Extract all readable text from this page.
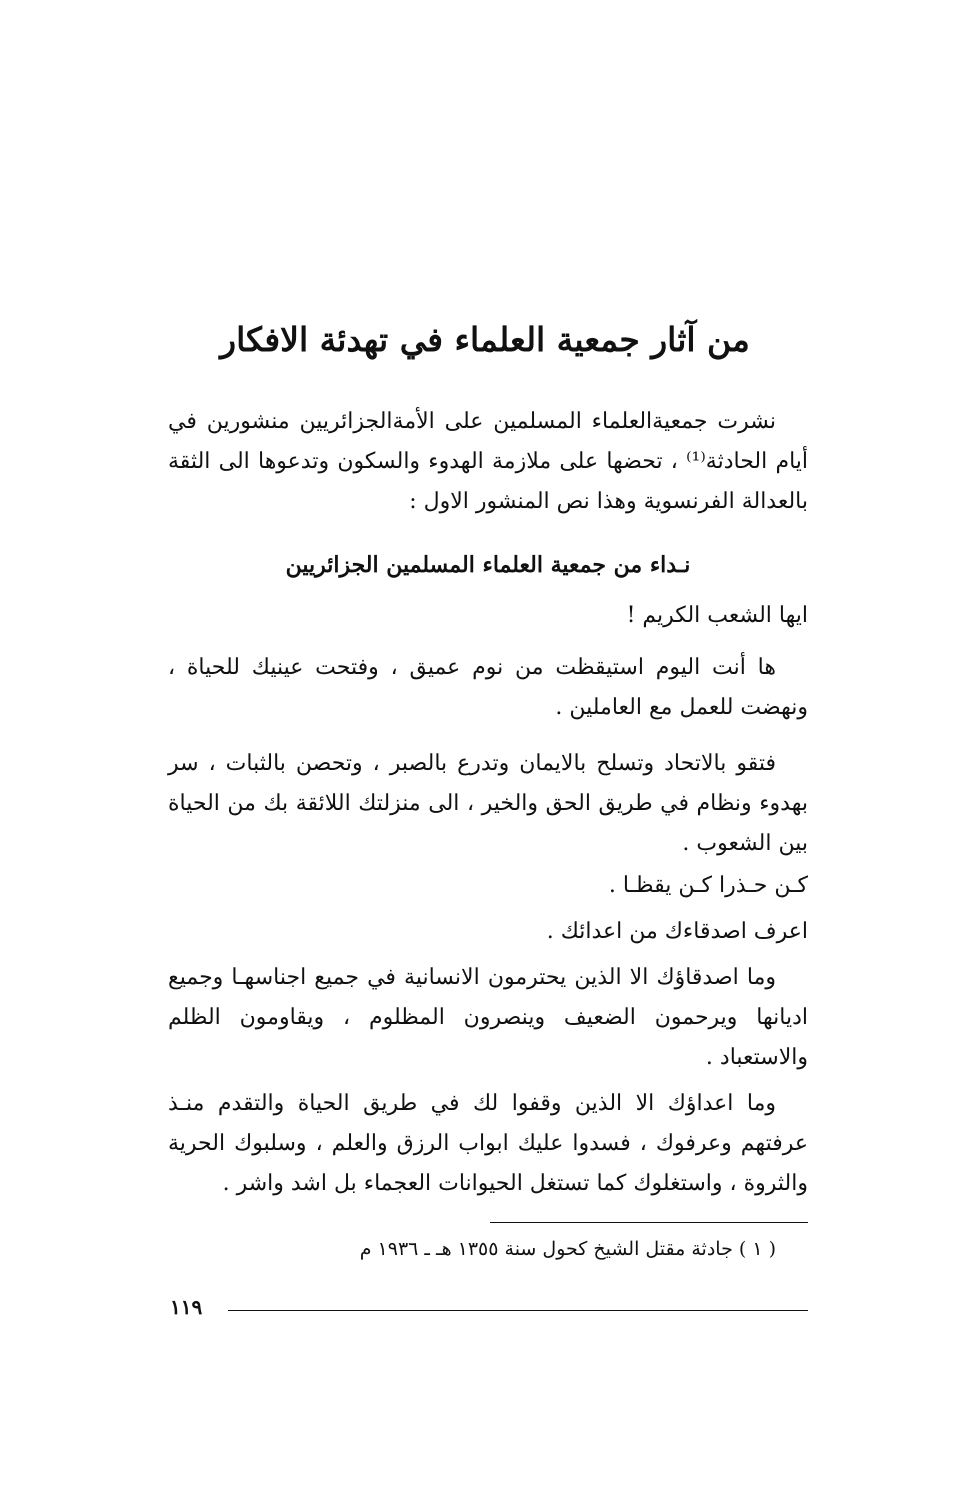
من آثار جمعية العلماء في تهدئة الافكار

نشرت جمعيةالعلماء المسلمين على الأمةالجزائريين منشورين في أيام الحادثة⁽¹⁾ ، تحضها على ملازمة الهدوء والسكون وتدعوها الى الثقة بالعدالة الفرنسوية وهذا نص المنشور الاول :

نـداء من جمعية العلماء المسلمين الجزائريين
ايها الشعب الكريم !

ها أنت اليوم استيقظت من نوم عميق ، وفتحت عينيك للحياة ، ونهضت للعمل مع العاملين .

فتقو بالاتحاد وتسلح بالايمان وتدرع بالصبر ، وتحصن بالثبات ، سر بهدوء ونظام في طريق الحق والخير ، الى منزلتك اللائقة بك من الحياة بين الشعوب .

كـن حـذرا كـن يقظـا .
اعرف اصدقاءك من اعدائك .

وما اصدقاؤك الا الذين يحترمون الانسانية في جميع اجناسهـا وجميع اديانها ويرحمون الضعيف وينصرون المظلوم ، ويقاومون الظلم والاستعباد .

وما اعداؤك الا الذين وقفوا لك في طريق الحياة والتقدم منـذ عرفتهم وعرفوك ، فسدوا عليك ابواب الرزق والعلم ، وسلبوك الحرية والثروة ، واستغلوك كما تستغل الحيوانات العجماء بل اشد واشر .

( ١ ) جادثة مقتل الشيخ كحول سنة ١٣٥٥ هـ ـ ١٩٣٦ م
١١٩
